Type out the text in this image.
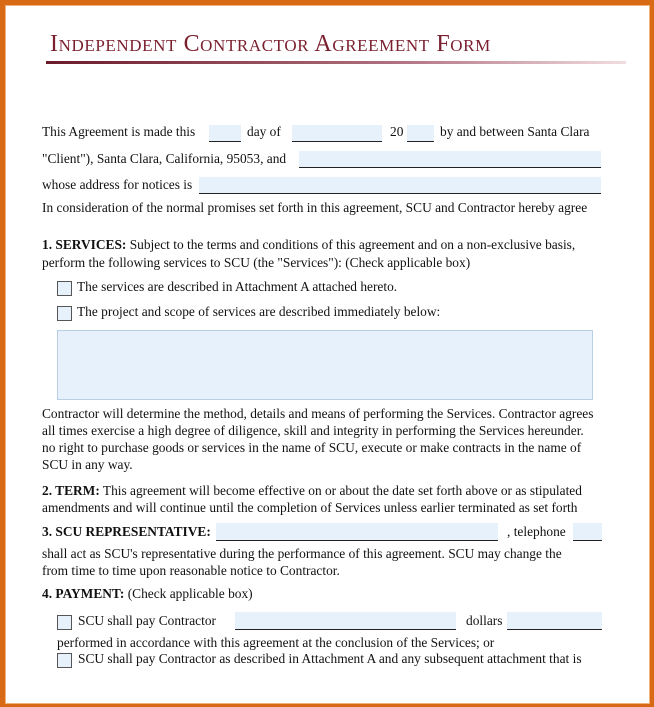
Independent Contractor Agreement Form
This Agreement is made this	day of	20	by and between Santa Clara
"Client"), Santa Clara, California, 95053, and
whose address for notices is
In consideration of the normal promises set forth in this agreement, SCU and Contractor hereby agree
1. SERVICES: Subject to the terms and conditions of this agreement and on a non-exclusive basis,
perform the following services to SCU (the "Services"): (Check applicable box)
The services are described in Attachment A attached hereto.
The project and scope of services are described immediately below:
Contractor will determine the method, details and means of performing the Services. Contractor agrees
all times exercise a high degree of diligence, skill and integrity in performing the Services hereunder.
no right to purchase goods or services in the name of SCU, execute or make contracts in the name of
SCU in any way.
2. TERM: This agreement will become effective on or about the date set forth above or as stipulated
amendments and will continue until the completion of Services unless earlier terminated as set forth
3. SCU REPRESENTATIVE:	, telephone
shall act as SCU's representative during the performance of this agreement. SCU may change the
from time to time upon reasonable notice to Contractor.
4. PAYMENT: (Check applicable box)
SCU shall pay Contractor	dollars
performed in accordance with this agreement at the conclusion of the Services; or
SCU shall pay Contractor as described in Attachment A and any subsequent attachment that is
